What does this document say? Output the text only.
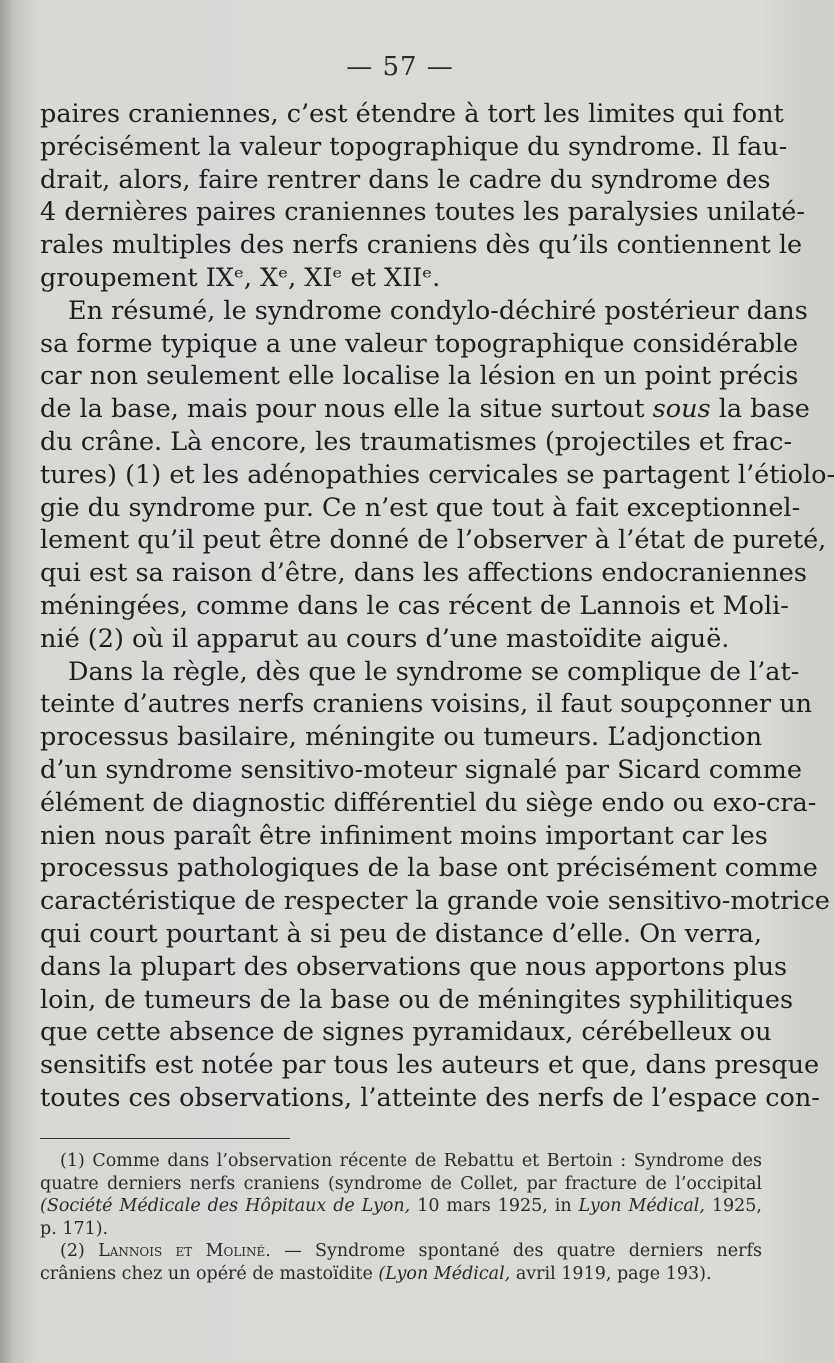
— 57 —
paires craniennes, c’est étendre à tort les limites qui font
précisément la valeur topographique du syndrome. Il fau-
drait, alors, faire rentrer dans le cadre du syndrome des
4 dernières paires craniennes toutes les paralysies unilaté-
rales multiples des nerfs craniens dès qu’ils contiennent le
groupement IXᵉ, Xᵉ, XIᵉ et XIIᵉ.
En résumé, le syndrome condylo-déchiré postérieur dans
sa forme typique a une valeur topographique considérable
car non seulement elle localise la lésion en un point précis
de la base, mais pour nous elle la situe surtout sous la base
du crâne. Là encore, les traumatismes (projectiles et frac-
tures) (1) et les adénopathies cervicales se partagent l’étiolo-
gie du syndrome pur. Ce n’est que tout à fait exceptionnel-
lement qu’il peut être donné de l’observer à l’état de pureté,
qui est sa raison d’être, dans les affections endocraniennes
méningées, comme dans le cas récent de Lannois et Moli-
nié (2) où il apparut au cours d’une mastoïdite aiguë.
Dans la règle, dès que le syndrome se complique de l’at-
teinte d’autres nerfs craniens voisins, il faut soupçonner un
processus basilaire, méningite ou tumeurs. L’adjonction
d’un syndrome sensitivo-moteur signalé par Sicard comme
élément de diagnostic différentiel du siège endo ou exo-cra-
nien nous paraît être infiniment moins important car les
processus pathologiques de la base ont précisément comme
caractéristique de respecter la grande voie sensitivo-motrice
qui court pourtant à si peu de distance d’elle. On verra,
dans la plupart des observations que nous apportons plus
loin, de tumeurs de la base ou de méningites syphilitiques
que cette absence de signes pyramidaux, cérébelleux ou
sensitifs est notée par tous les auteurs et que, dans presque
toutes ces observations, l’atteinte des nerfs de l’espace con-
(1) Comme dans l’observation récente de Rebattu et Bertoin : Syndrome des
quatre derniers nerfs craniens (syndrome de Collet, par fracture de l’occipital
(Société Médicale des Hôpitaux de Lyon, 10 mars 1925, in Lyon Médical, 1925,
p. 171).
(2) Lannois et Moliné. — Syndrome spontané des quatre derniers nerfs
crâniens chez un opéré de mastoïdite (Lyon Médical, avril 1919, page 193).
